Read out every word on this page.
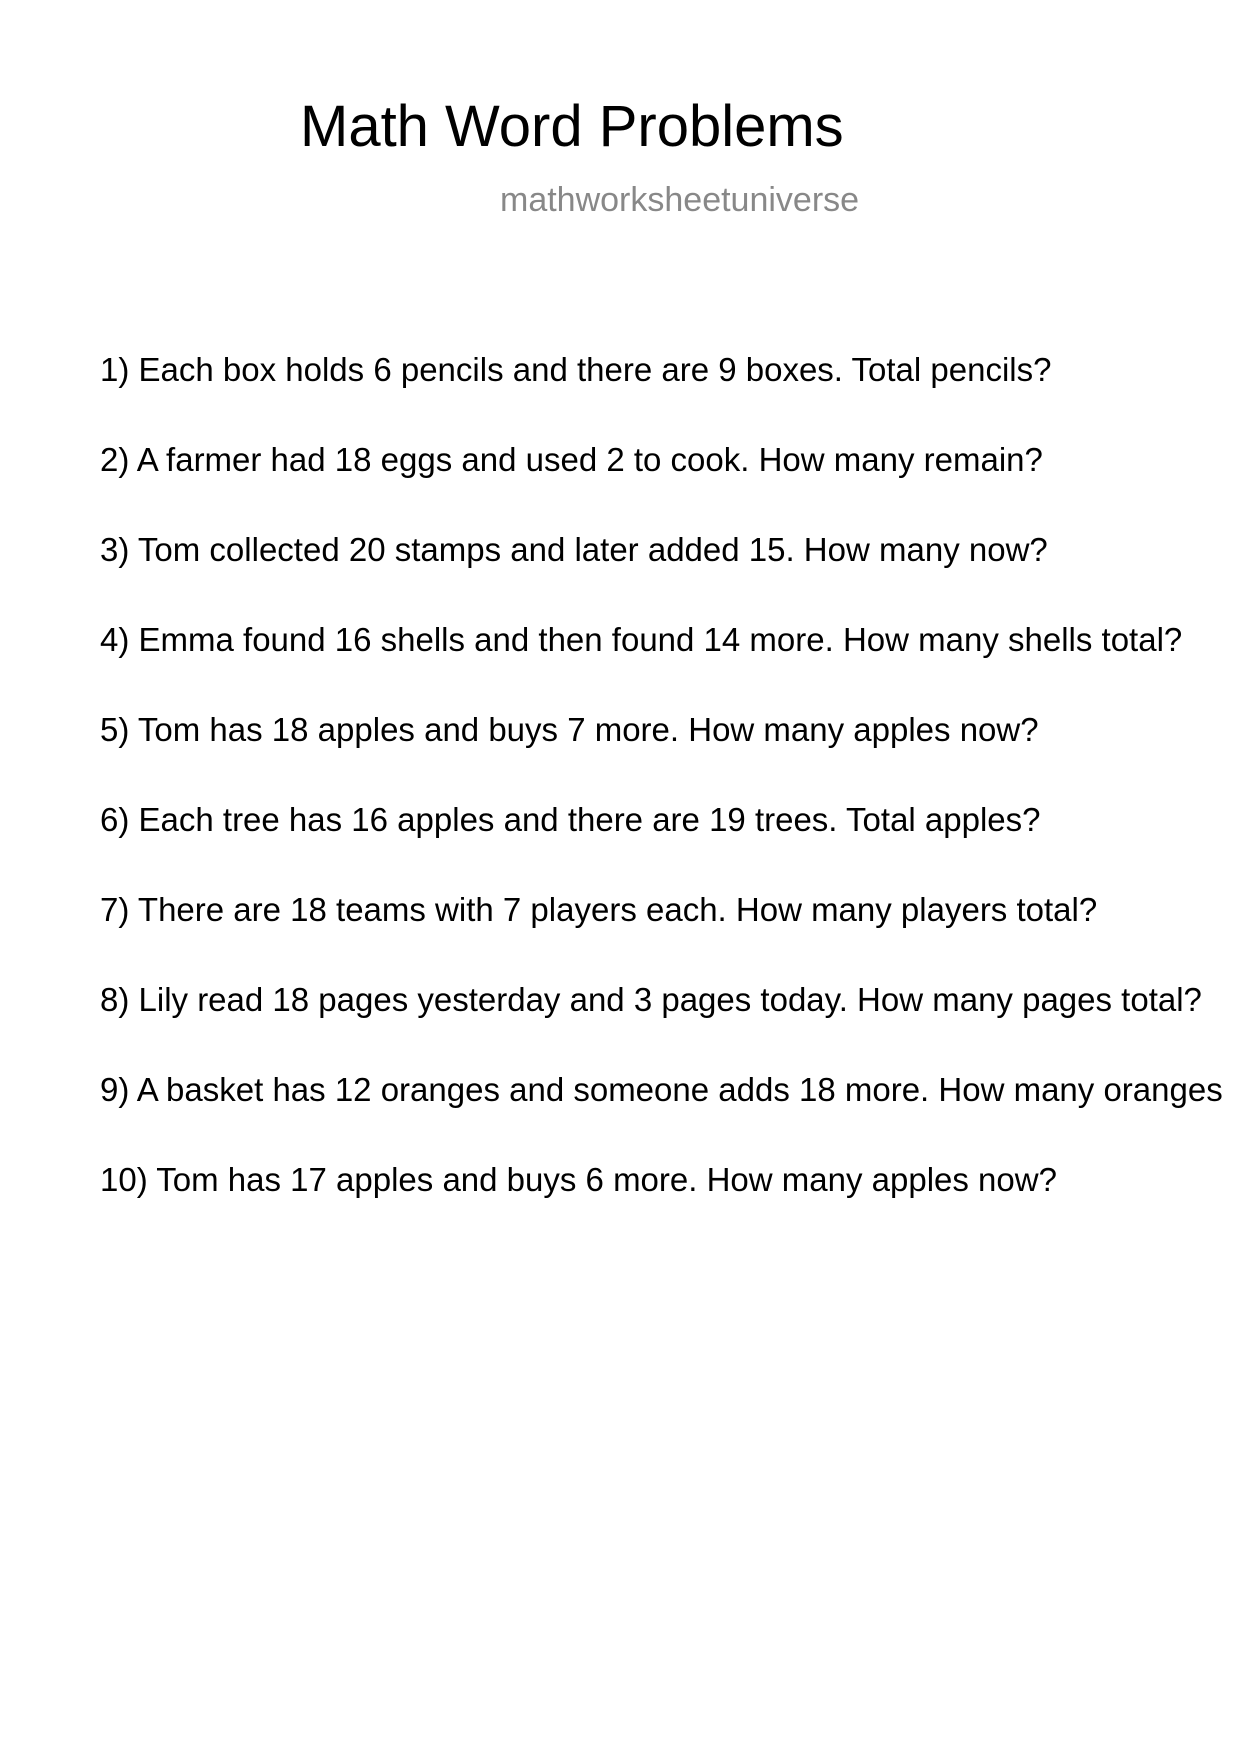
Math Word Problems
mathworksheetuniverse
1) Each box holds 6 pencils and there are 9 boxes. Total pencils?
2) A farmer had 18 eggs and used 2 to cook. How many remain?
3) Tom collected 20 stamps and later added 15. How many now?
4) Emma found 16 shells and then found 14 more. How many shells total?
5) Tom has 18 apples and buys 7 more. How many apples now?
6) Each tree has 16 apples and there are 19 trees. Total apples?
7) There are 18 teams with 7 players each. How many players total?
8) Lily read 18 pages yesterday and 3 pages today. How many pages total?
9) A basket has 12 oranges and someone adds 18 more. How many oranges
10) Tom has 17 apples and buys 6 more. How many apples now?
